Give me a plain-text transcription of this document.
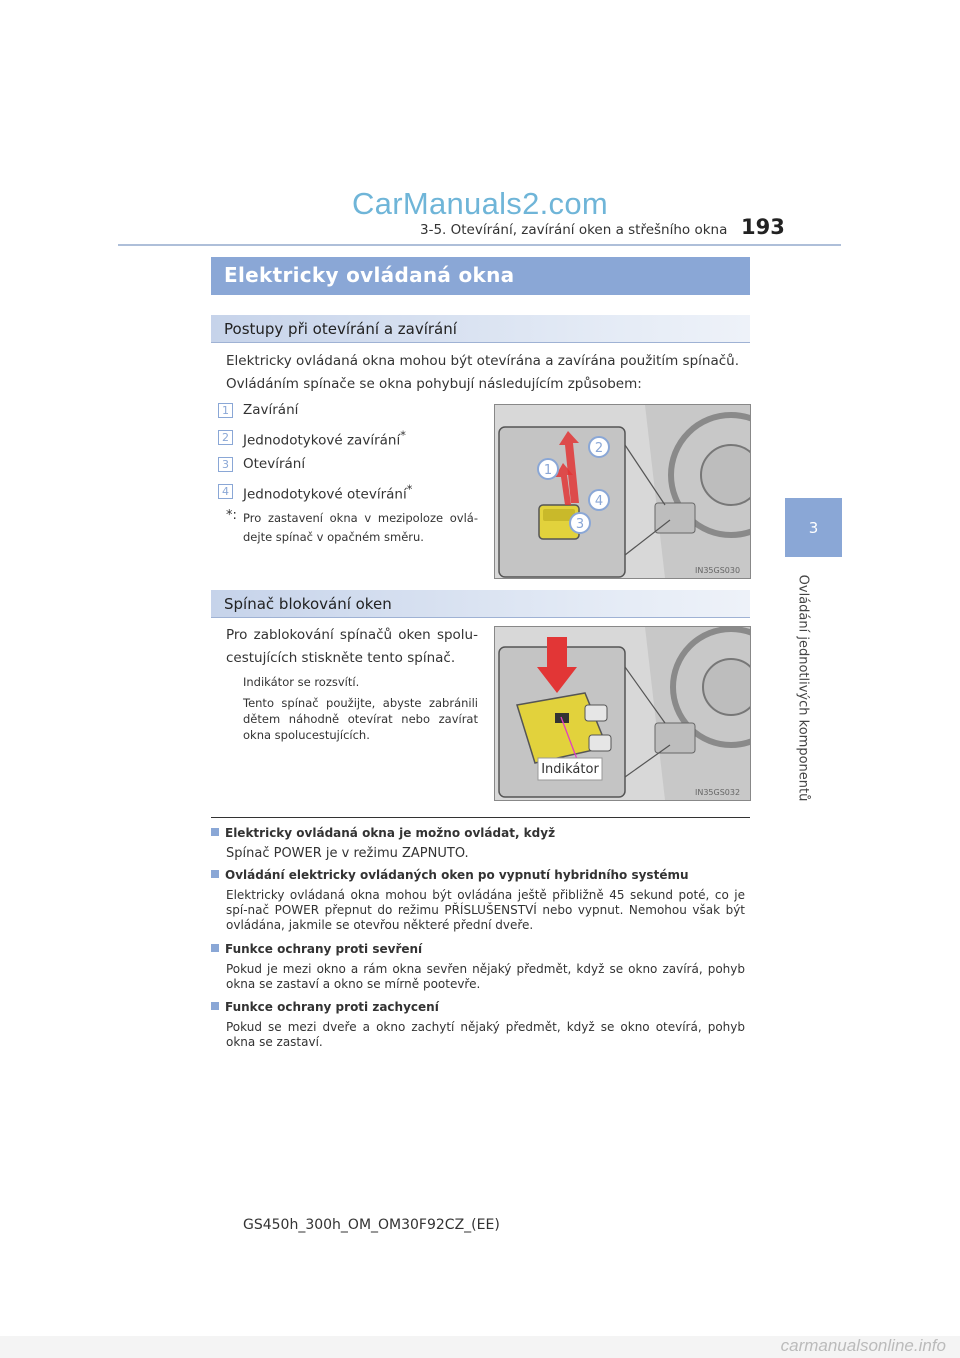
CarManuals2.com
3-5. Otevírání, zavírání oken a střešního okna 193
3
Ovládání jednotlivých komponentů
Elektricky ovládaná okna
Postupy při otevírání a zavírání
Elektricky ovládaná okna mohou být otevírána a zavírána použitím spínačů.
Ovládáním spínače se okna pohybují následujícím způsobem:
1 Zavírání
2 Jednodotykové zavírání*
3 Otevírání
4 Jednodotykové otevírání*
*: Pro zastavení okna v mezipoloze ovlá-
dejte spínač v opačném směru.
1
2
4
3
IN35GS030
Spínač blokování oken
Pro zablokování spínačů oken spolu-
cestujících stiskněte tento spínač.
Indikátor se rozsvítí.
Tento spínač použijte, abyste zabránili dětem náhodně otevírat nebo zavírat okna spolucestujících.
Indikátor
IN35GS032
Elektricky ovládaná okna je možno ovládat, když
Spínač POWER je v režimu ZAPNUTO.
Ovládání elektricky ovládaných oken po vypnutí hybridního systému
Elektricky ovládaná okna mohou být ovládána ještě přibližně 45 sekund poté, co je spí-nač POWER přepnut do režimu PŘÍSLUŠENSTVÍ nebo vypnut. Nemohou však být ovládána, jakmile se otevřou některé přední dveře.
Funkce ochrany proti sevření
Pokud je mezi okno a rám okna sevřen nějaký předmět, když se okno zavírá, pohyb okna se zastaví a okno se mírně pootevře.
Funkce ochrany proti zachycení
Pokud se mezi dveře a okno zachytí nějaký předmět, když se okno otevírá, pohyb okna se zastaví.
GS450h_300h_OM_OM30F92CZ_(EE)
carmanualsonline.info
